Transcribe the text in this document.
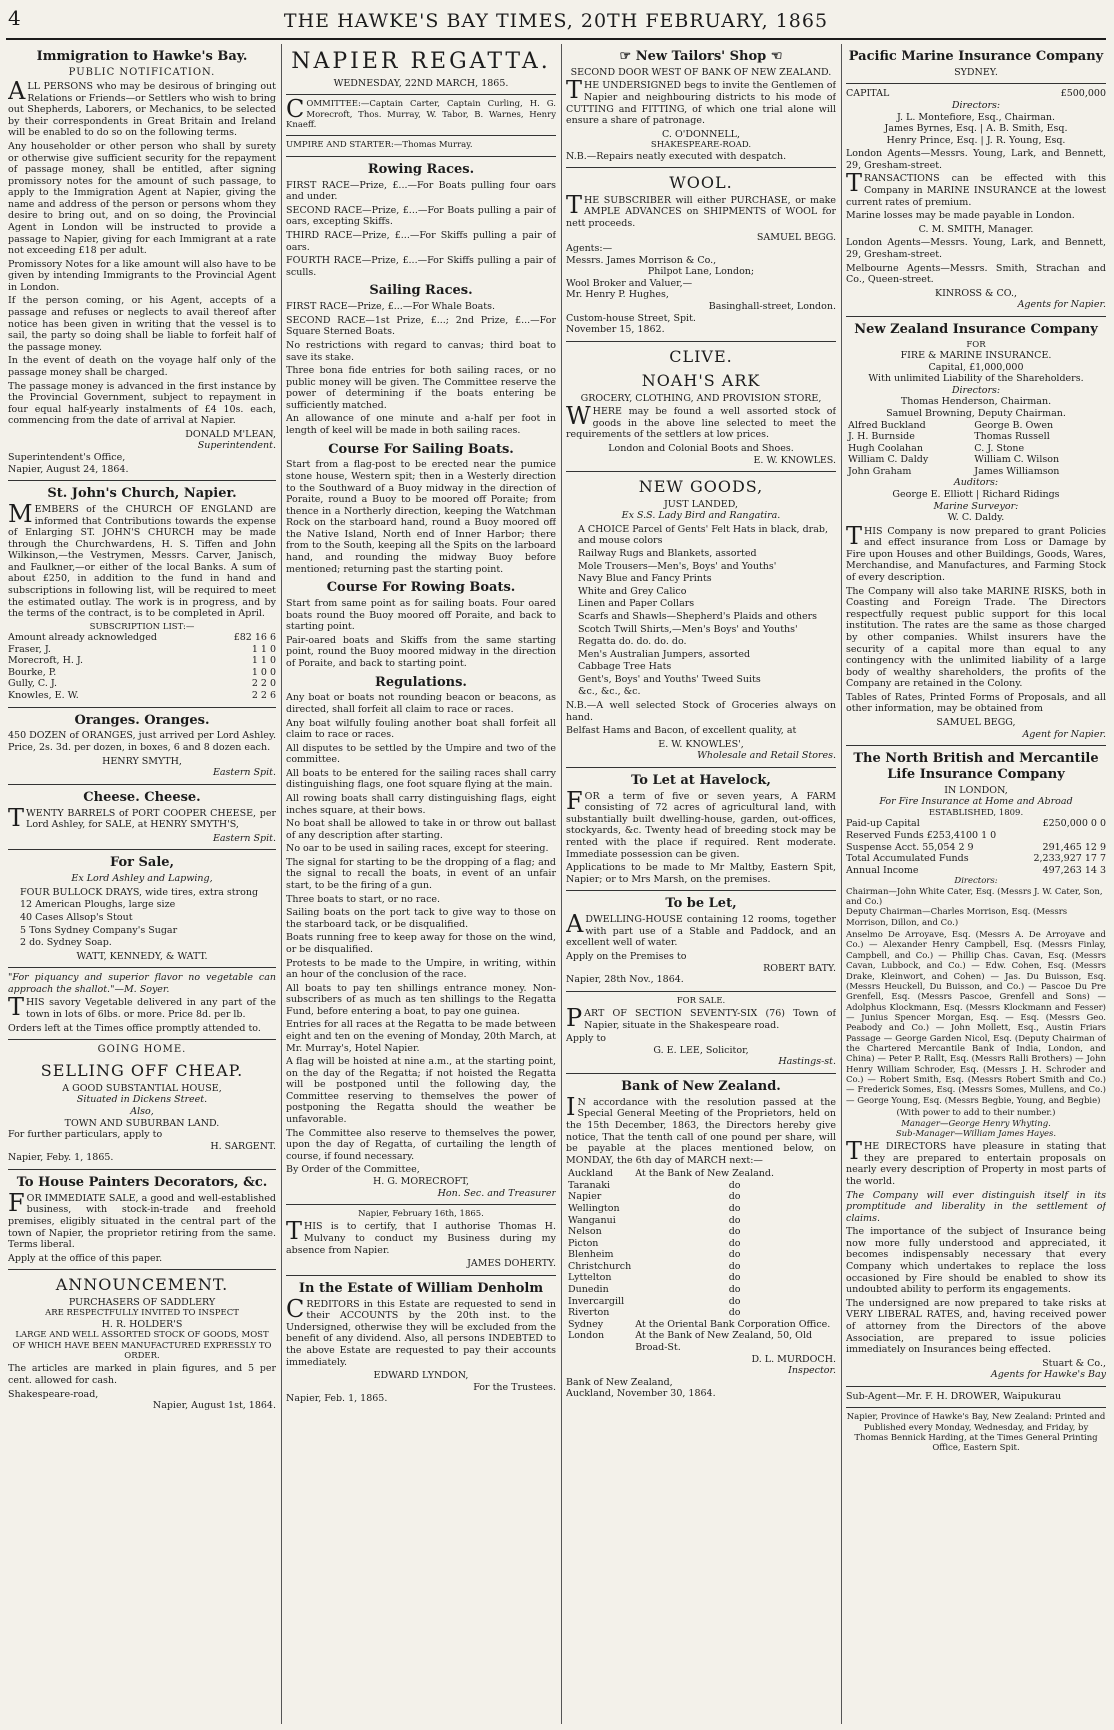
4	THE HAWKE'S BAY TIMES, 20TH FEBRUARY, 1865
Immigration to Hawke's Bay.
PUBLIC NOTIFICATION.

ALL PERSONS who may be desirous of bringing out Relations or Friends—or Settlers who wish to bring out Shepherds, Laborers, or Mechanics, to be selected by their correspondents in Great Britain and Ireland will be enabled to do so on the following terms.

Any householder or other person who shall by surety or otherwise give sufficient security for the repayment of passage money, shall be entitled, after signing promissory notes for the amount of such passage, to apply to the Immigration Agent at Napier, giving the name and address of the person or persons whom they desire to bring out, and on so doing, the Provincial Agent in London will be instructed to provide a passage to Napier, giving for each Immigrant at a rate not exceeding £18 per adult.

Promissory Notes for a like amount will also have to be given by intending Immigrants to the Provincial Agent in London.

If the person coming, or his Agent, accepts of a passage and refuses or neglects to avail thereof after notice has been given in writing that the vessel is to sail, the party so doing shall be liable to forfeit half of the passage money.

In the event of death on the voyage half only of the passage money shall be charged.

The passage money is advanced in the first instance by the Provincial Government, subject to repayment in four equal half-yearly instalments of £4 10s. each, commencing from the date of arrival at Napier.

DONALD M'LEAN,
Superintendent.
Superintendent's Office,
Napier, August 24, 1864.
St. John's Church, Napier.

MEMBERS of the CHURCH OF ENGLAND are informed that Contributions towards the expense of Enlarging ST. JOHN'S CHURCH may be made through the Churchwardens, H. S. Tiffen and John Wilkinson,—the Vestrymen, Messrs. Carver, Janisch, and Faulkner,—or either of the local Banks. A sum of about £250, in addition to the fund in hand and subscriptions in following list, will be required to meet the estimated outlay. The work is in progress, and by the terms of the contract, is to be completed in April.

SUBSCRIPTION LIST:—
Amount already acknowledged	£82 16 6
Fraser, J.	1 1 0
Morecroft, H. J.	1 1 0
Bourke, P.	1 0 0
Gully, C. J.	2 2 0
Knowles, E. W.	2 2 6
Oranges. Oranges.

450 DOZEN of ORANGES, just arrived per Lord Ashley. Price, 2s. 3d. per dozen, in boxes, 6 and 8 dozen each.

HENRY SMYTH,
Eastern Spit.
Cheese. Cheese.

TWENTY BARRELS of PORT COOPER CHEESE, per Lord Ashley, for SALE, at HENRY SMYTH'S,

Eastern Spit.
For Sale,
Ex Lord Ashley and Lapwing,
FOUR BULLOCK DRAYS, wide tires, extra strong
12 American Ploughs, large size
40 Cases Allsop's Stout
5 Tons Sydney Company's Sugar
2 do. Sydney Soap.
WATT, KENNEDY, & WATT.

"For piquancy and superior flavor no vegetable can approach the shallot."—M. Soyer.

THIS savory Vegetable delivered in any part of the town in lots of 6lbs. or more. Price 8d. per lb.

Orders left at the Times office promptly attended to.

GOING HOME.
SELLING OFF CHEAP.
A GOOD SUBSTANTIAL HOUSE,
Situated in Dickens Street.
Also,
TOWN AND SUBURBAN LAND.
For further particulars, apply to
H. SARGENT.
Napier, Feby. 1, 1865.
To House Painters Decorators, &c.

FOR IMMEDIATE SALE, a good and well-established business, with stock-in-trade and freehold premises, eligibly situated in the central part of the town of Napier, the proprietor retiring from the same. Terms liberal.

Apply at the office of this paper.

ANNOUNCEMENT.
PURCHASERS OF SADDLERY
ARE RESPECTFULLY INVITED TO INSPECT
H. R. HOLDER'S
LARGE AND WELL ASSORTED STOCK OF GOODS, MOST OF WHICH HAVE BEEN MANUFACTURED EXPRESSLY TO ORDER.

The articles are marked in plain figures, and 5 per cent. allowed for cash.

Shakespeare-road,
Napier, August 1st, 1864.
NAPIER REGATTA.
WEDNESDAY, 22ND MARCH, 1865.

COMMITTEE:—Captain Carter, Captain Curling, H. G. Morecroft, Thos. Murray, W. Tabor, B. Warnes, Henry Knaeff.

UMPIRE AND STARTER:—Thomas Murray.
Rowing Races.

FIRST RACE—Prize, £...—For Boats pulling four oars and under.

SECOND RACE—Prize, £...—For Boats pulling a pair of oars, excepting Skiffs.

THIRD RACE—Prize, £...—For Skiffs pulling a pair of oars.

FOURTH RACE—Prize, £...—For Skiffs pulling a pair of sculls.

Sailing Races.

FIRST RACE—Prize, £...—For Whale Boats.

SECOND RACE—1st Prize, £...; 2nd Prize, £...—For Square Sterned Boats.

No restrictions with regard to canvas; third boat to save its stake.

Three bona fide entries for both sailing races, or no public money will be given. The Committee reserve the power of determining if the boats entering be sufficiently matched.

An allowance of one minute and a-half per foot in length of keel will be made in both sailing races.

Course For Sailing Boats.

Start from a flag-post to be erected near the pumice stone house, Western spit; then in a Westerly direction to the Southward of a Buoy midway in the direction of Poraite, round a Buoy to be moored off Poraite; from thence in a Northerly direction, keeping the Watchman Rock on the starboard hand, round a Buoy moored off the Native Island, North end of Inner Harbor; there from to the South, keeping all the Spits on the larboard hand, and rounding the midway Buoy before mentioned; returning past the starting point.

Course For Rowing Boats.

Start from same point as for sailing boats. Four oared boats round the Buoy moored off Poraite, and back to starting point.

Pair-oared boats and Skiffs from the same starting point, round the Buoy moored midway in the direction of Poraite, and back to starting point.

Regulations.

Any boat or boats not rounding beacon or beacons, as directed, shall forfeit all claim to race or races.

Any boat wilfully fouling another boat shall forfeit all claim to race or races.

All disputes to be settled by the Umpire and two of the committee.

All boats to be entered for the sailing races shall carry distinguishing flags, one foot square flying at the main.

All rowing boats shall carry distinguishing flags, eight inches square, at their bows.

No boat shall be allowed to take in or throw out ballast of any description after starting.

No oar to be used in sailing races, except for steering.

The signal for starting to be the dropping of a flag; and the signal to recall the boats, in event of an unfair start, to be the firing of a gun.

Three boats to start, or no race.

Sailing boats on the port tack to give way to those on the starboard tack, or be disqualified.

Boats running free to keep away for those on the wind, or be disqualified.

Protests to be made to the Umpire, in writing, within an hour of the conclusion of the race.

All boats to pay ten shillings entrance money. Non-subscribers of as much as ten shillings to the Regatta Fund, before entering a boat, to pay one guinea.

Entries for all races at the Regatta to be made between eight and ten on the evening of Monday, 20th March, at Mr. Murray's, Hotel Napier.

A flag will be hoisted at nine a.m., at the starting point, on the day of the Regatta; if not hoisted the Regatta will be postponed until the following day, the Committee reserving to themselves the power of postponing the Regatta should the weather be unfavorable.

The Committee also reserve to themselves the power, upon the day of Regatta, of curtailing the length of course, if found necessary.

By Order of the Committee,
H. G. MORECROFT,
Hon. Sec. and Treasurer
Napier, February 16th, 1865.

THIS is to certify, that I authorise Thomas H. Mulvany to conduct my Business during my absence from Napier.

JAMES DOHERTY.
In the Estate of William Denholm

CREDITORS in this Estate are requested to send in their ACCOUNTS by the 20th inst. to the Undersigned, otherwise they will be excluded from the benefit of any dividend. Also, all persons INDEBTED to the above Estate are requested to pay their accounts immediately.

EDWARD LYNDON,
For the Trustees.
Napier, Feb. 1, 1865.
☞ New Tailors' Shop ☜
SECOND DOOR WEST OF BANK OF NEW ZEALAND.

THE UNDERSIGNED begs to invite the Gentlemen of Napier and neighbouring districts to his mode of CUTTING and FITTING, of which one trial alone will ensure a share of patronage.

C. O'DONNELL,
SHAKESPEARE-ROAD.
N.B.—Repairs neatly executed with despatch.
WOOL.

THE SUBSCRIBER will either PURCHASE, or make AMPLE ADVANCES on SHIPMENTS of WOOL for nett proceeds.

SAMUEL BEGG.
Agents:—
Messrs. James Morrison & Co.,
Philpot Lane, London;
Wool Broker and Valuer,—
Mr. Henry P. Hughes,
Basinghall-street, London.
Custom-house Street, Spit.
November 15, 1862.
CLIVE.
NOAH'S ARK
GROCERY, CLOTHING, AND PROVISION STORE,

WHERE may be found a well assorted stock of goods in the above line selected to meet the requirements of the settlers at low prices.

London and Colonial Boots and Shoes.
E. W. KNOWLES.
NEW GOODS,
JUST LANDED,
Ex S.S. Lady Bird and Rangatira.
A CHOICE Parcel of Gents' Felt Hats in black, drab, and mouse colors
Railway Rugs and Blankets, assorted
Mole Trousers—Men's, Boys' and Youths'
Navy Blue and Fancy Prints
White and Grey Calico
Linen and Paper Collars
Scarfs and Shawls—Shepherd's Plaids and others
Scotch Twill Shirts,—Men's Boys' and Youths'
Regatta do. do. do. do.
Men's Australian Jumpers, assorted
Cabbage Tree Hats
Gent's, Boys' and Youths' Tweed Suits
&c., &c., &c.

N.B.—A well selected Stock of Groceries always on hand.

Belfast Hams and Bacon, of excellent quality, at

E. W. KNOWLES',
Wholesale and Retail Stores.
To Let at Havelock,

FOR a term of five or seven years, A FARM consisting of 72 acres of agricultural land, with substantially built dwelling-house, garden, out-offices, stockyards, &c. Twenty head of breeding stock may be rented with the place if required. Rent moderate. Immediate possession can be given.

Applications to be made to Mr Maltby, Eastern Spit, Napier; or to Mrs Marsh, on the premises.

To be Let,

ADWELLING-HOUSE containing 12 rooms, together with part use of a Stable and Paddock, and an excellent well of water.

Apply on the Premises to
ROBERT BATY.
Napier, 28th Nov., 1864.
FOR SALE.

PART OF SECTION SEVENTY-SIX (76) Town of Napier, situate in the Shakespeare road.

Apply to
G. E. LEE, Solicitor,
Hastings-st.
Bank of New Zealand.

IN accordance with the resolution passed at the Special General Meeting of the Proprietors, held on the 15th December, 1863, the Directors hereby give notice, That the tenth call of one pound per share, will be payable at the places mentioned below, on MONDAY, the 6th day of MARCH next:—

Auckland	At the Bank of New Zealand.
Taranaki	do
Napier	do
Wellington	do
Wanganui	do
Nelson	do
Picton	do
Blenheim	do
Christchurch	do
Lyttelton	do
Dunedin	do
Invercargill	do
Riverton	do
Sydney	At the Oriental Bank Corporation Office.
London	At the Bank of New Zealand, 50, Old Broad-St.
D. L. MURDOCH.
Inspector.
Bank of New Zealand,
Auckland, November 30, 1864.
Pacific Marine Insurance Company
SYDNEY.
CAPITAL	£500,000
Directors:
J. L. Montefiore, Esq., Chairman.
James Byrnes, Esq. | A. B. Smith, Esq.
Henry Prince, Esq. | J. R. Young, Esq.

London Agents—Messrs. Young, Lark, and Bennett, 29, Gresham-street.

TRANSACTIONS can be effected with this Company in MARINE INSURANCE at the lowest current rates of premium.

Marine losses may be made payable in London.

C. M. SMITH, Manager.

London Agents—Messrs. Young, Lark, and Bennett, 29, Gresham-street.

Melbourne Agents—Messrs. Smith, Strachan and Co., Queen-street.

KINROSS & CO.,
Agents for Napier.
New Zealand Insurance Company
FOR
FIRE & MARINE INSURANCE.
Capital, £1,000,000
With unlimited Liability of the Shareholders.
Directors:
Thomas Henderson, Chairman.
Samuel Browning, Deputy Chairman.
Alfred Buckland	George B. Owen
J. H. Burnside	Thomas Russell
Hugh Coolahan	C. J. Stone
William C. Daldy	William C. Wilson
John Graham	James Williamson
Auditors:
George E. Elliott | Richard Ridings
Marine Surveyor:
W. C. Daldy.

THIS Company is now prepared to grant Policies and effect insurance from Loss or Damage by Fire upon Houses and other Buildings, Goods, Wares, Merchandise, and Manufactures, and Farming Stock of every description.

The Company will also take MARINE RISKS, both in Coasting and Foreign Trade. The Directors respectfully request public support for this local institution. The rates are the same as those charged by other companies. Whilst insurers have the security of a capital more than equal to any contingency with the unlimited liability of a large body of wealthy shareholders, the profits of the Company are retained in the Colony.

Tables of Rates, Printed Forms of Proposals, and all other information, may be obtained from

SAMUEL BEGG,
Agent for Napier.
The North British and Mercantile Life Insurance Company
IN LONDON,
For Fire Insurance at Home and Abroad
ESTABLISHED, 1809.
Paid-up Capital	£250,000 0 0
Reserved Funds £253,4100 1 0
Suspense Acct. 55,054 2 9	291,465 12 9
Total Accumulated Funds	2,233,927 17 7
Annual Income	497,263 14 3
Directors:
Chairman—John White Cater, Esq. (Messrs J. W. Cater, Son, and Co.)
Deputy Chairman—Charles Morrison, Esq. (Messrs Morrison, Dillon, and Co.)

Anselmo De Arroyave, Esq. (Messrs A. De Arroyave and Co.) — Alexander Henry Campbell, Esq. (Messrs Finlay, Campbell, and Co.) — Phillip Chas. Cavan, Esq. (Messrs Cavan, Lubbock, and Co.) — Edw. Cohen, Esq. (Messrs Drake, Kleinwort, and Cohen) — Jas. Du Buisson, Esq. (Messrs Heuckell, Du Buisson, and Co.) — Pascoe Du Pre Grenfell, Esq. (Messrs Pascoe, Grenfell and Sons) — Adolphus Klockmann, Esq. (Messrs Klockmann and Fesser) — Junius Spencer Morgan, Esq. — Esq. (Messrs Geo. Peabody and Co.) — John Mollett, Esq., Austin Friars Passage — George Garden Nicol, Esq. (Deputy Chairman of the Chartered Mercantile Bank of India, London, and China) — Peter P. Rallt, Esq. (Messrs Ralli Brothers) — John Henry William Schroder, Esq. (Messrs J. H. Schroder and Co.) — Robert Smith, Esq. (Messrs Robert Smith and Co.) — Frederick Somes, Esq. (Messrs Somes, Mullens, and Co.) — George Young, Esq. (Messrs Begbie, Young, and Begbie)

(With power to add to their number.)
Manager—George Henry Whyting.
Sub-Manager—William James Hayes.

THE DIRECTORS have pleasure in stating that they are prepared to entertain proposals on nearly every description of Property in most parts of the world.

The Company will ever distinguish itself in its promptitude and liberality in the settlement of claims.

The importance of the subject of Insurance being now more fully understood and appreciated, it becomes indispensably necessary that every Company which undertakes to replace the loss occasioned by Fire should be enabled to show its undoubted ability to perform its engagements.

The undersigned are now prepared to take risks at VERY LIBERAL RATES, and, having received power of attorney from the Directors of the above Association, are prepared to issue policies immediately on Insurances being effected.

Stuart & Co.,
Agents for Hawke's Bay
Sub-Agent—Mr. F. H. DROWER, Waipukurau
Napier, Province of Hawke's Bay, New Zealand: Printed and Published every Monday, Wednesday, and Friday, by Thomas Bennick Harding, at the Times General Printing Office, Eastern Spit.
